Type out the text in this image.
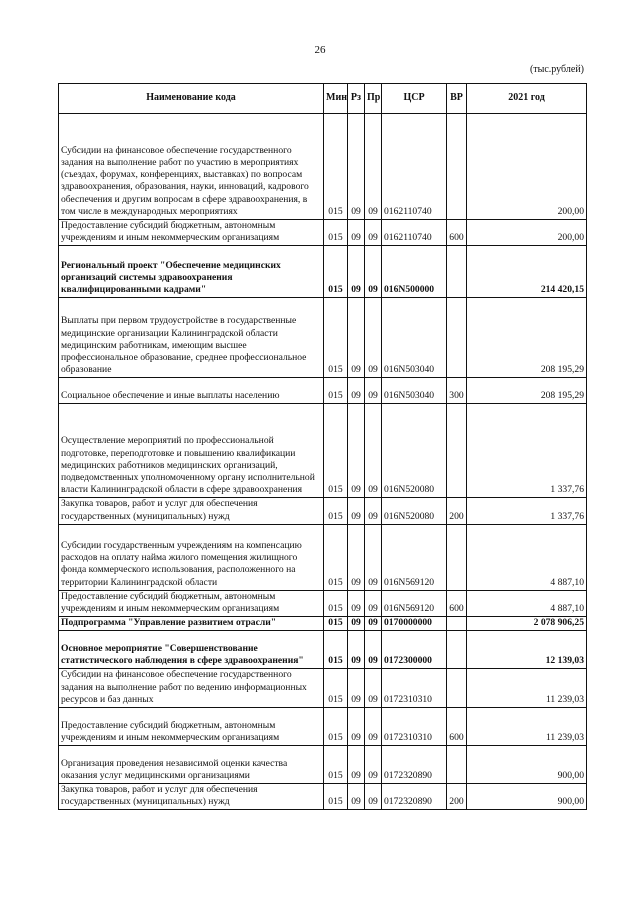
26
(тыс.рублей)
Наименование кода	Мин	Рз	Пр	ЦСР	ВР	2021 год
Субсидии на финансовое обеспечение государственного задания на выполнение работ по участию в мероприятиях (съездах, форумах, конференциях, выставках) по вопросам здравоохранения, образования, науки, инноваций, кадрового обеспечения и другим вопросам в сфере здравоохранения, в том числе в международных мероприятиях	015	09	09	0162110740		200,00
Предоставление субсидий бюджетным, автономным учреждениям и иным некоммерческим организациям	015	09	09	0162110740	600	200,00
Региональный проект "Обеспечение медицинских организаций системы здравоохранения квалифицированными кадрами"	015	09	09	016N500000		214 420,15
Выплаты при первом трудоустройстве в государственные медицинские организации Калининградской области медицинским работникам, имеющим высшее профессиональное образование, среднее профессиональное образование	015	09	09	016N503040		208 195,29
Социальное обеспечение и иные выплаты населению	015	09	09	016N503040	300	208 195,29
Осуществление мероприятий по профессиональной подготовке, переподготовке и повышению квалификации медицинских работников медицинских организаций, подведомственных уполномоченному органу исполнительной власти Калининградской области в сфере здравоохранения	015	09	09	016N520080		1 337,76
Закупка товаров, работ и услуг для обеспечения государственных (муниципальных) нужд	015	09	09	016N520080	200	1 337,76
Субсидии государственным учреждениям на компенсацию расходов на оплату найма жилого помещения жилищного фонда коммерческого использования, расположенного на территории Калининградской области	015	09	09	016N569120		4 887,10
Предоставление субсидий бюджетным, автономным учреждениям и иным некоммерческим организациям	015	09	09	016N569120	600	4 887,10
Подпрограмма "Управление развитием отрасли"	015	09	09	0170000000		2 078 906,25
Основное мероприятие "Совершенствование статистического наблюдения в сфере здравоохранения"	015	09	09	0172300000		12 139,03
Субсидии на финансовое обеспечение государственного задания на выполнение работ по ведению информационных ресурсов и баз данных	015	09	09	0172310310		11 239,03
Предоставление субсидий бюджетным, автономным учреждениям и иным некоммерческим организациям	015	09	09	0172310310	600	11 239,03
Организация проведения независимой оценки качества оказания услуг медицинскими организациями	015	09	09	0172320890		900,00
Закупка товаров, работ и услуг для обеспечения государственных (муниципальных) нужд	015	09	09	0172320890	200	900,00
